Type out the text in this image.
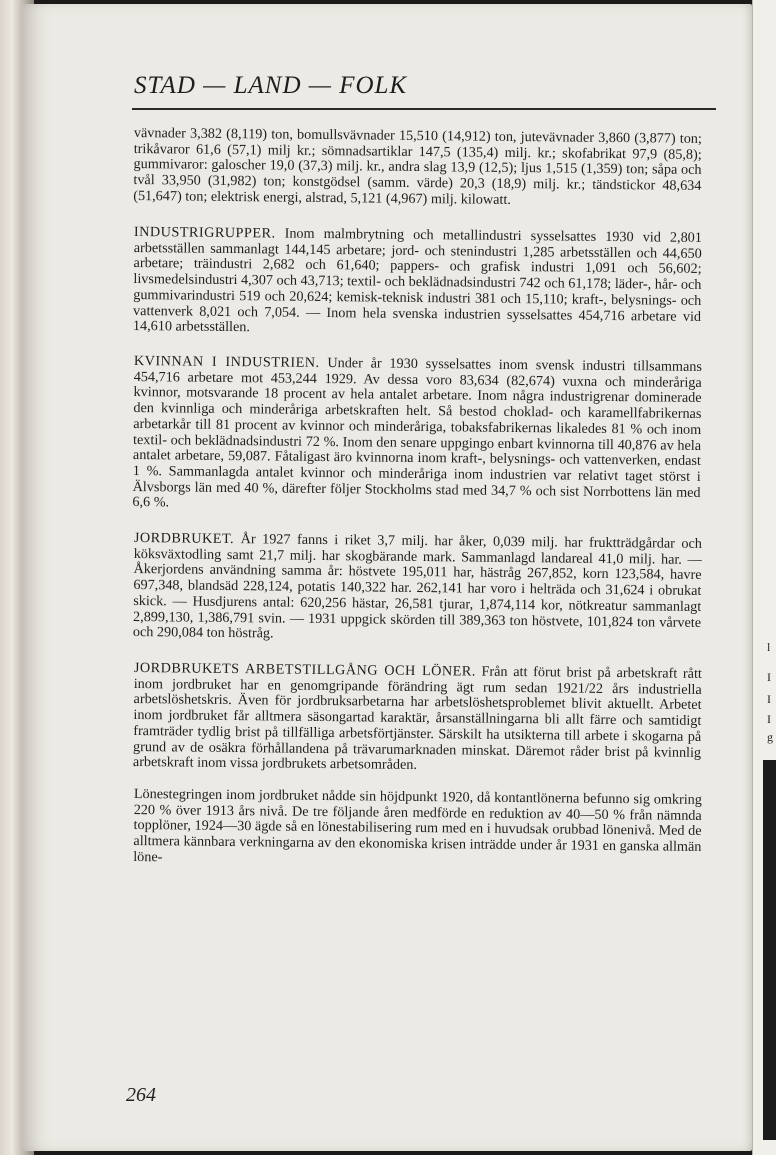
STAD — LAND — FOLK

vävnader 3,382 (8,119) ton, bomullsvävnader 15,510 (14,912) ton, jutevävnader 3,860 (3,877) ton; trikåvaror 61,6 (57,1) milj kr.; sömnadsartiklar 147,5 (135,4) milj. kr.; skofabrikat 97,9 (85,8); gummivaror: galoscher 19,0 (37,3) milj. kr., andra slag 13,9 (12,5); ljus 1,515 (1,359) ton; såpa och tvål 33,950 (31,982) ton; konstgödsel (samm. värde) 20,3 (18,9) milj. kr.; tändstickor 48,634 (51,647) ton; elektrisk energi, alstrad, 5,121 (4,967) milj. kilowatt.

INDUSTRIGRUPPER. Inom malmbrytning och metallindustri sysselsattes 1930 vid 2,801 arbetsställen sammanlagt 144,145 arbetare; jord- och stenindustri 1,285 arbetsställen och 44,650 arbetare; träindustri 2,682 och 61,640; pappers- och grafisk industri 1,091 och 56,602; livsmedelsindustri 4,307 och 43,713; textil- och beklädnadsindustri 742 och 61,178; läder-, hår- och gummivarindustri 519 och 20,624; kemisk-teknisk industri 381 och 15,110; kraft-, belysnings- och vattenverk 8,021 och 7,054. — Inom hela svenska industrien sysselsattes 454,716 arbetare vid 14,610 arbetsställen.

KVINNAN I INDUSTRIEN. Under år 1930 sysselsattes inom svensk industri tillsammans 454,716 arbetare mot 453,244 1929. Av dessa voro 83,634 (82,674) vuxna och minderåriga kvinnor, motsvarande 18 procent av hela antalet arbetare. Inom några industrigrenar dominerade den kvinnliga och minderåriga arbetskraften helt. Så bestod choklad- och karamellfabrikernas arbetarkår till 81 procent av kvinnor och minderåriga, tobaksfabrikernas likaledes 81 % och inom textil- och beklädnadsindustri 72 %. Inom den senare uppgingo enbart kvinnorna till 40,876 av hela antalet arbetare, 59,087. Fåtaligast äro kvinnorna inom kraft-, belysnings- och vattenverken, endast 1 %. Sammanlagda antalet kvinnor och minderåriga inom industrien var relativt taget störst i Älvsborgs län med 40 %, därefter följer Stockholms stad med 34,7 % och sist Norrbottens län med 6,6 %.

JORDBRUKET. År 1927 fanns i riket 3,7 milj. har åker, 0,039 milj. har fruktträdgårdar och köksväxtodling samt 21,7 milj. har skogbärande mark. Sammanlagd landareal 41,0 milj. har. — Åkerjordens användning samma år: höstvete 195,011 har, hästråg 267,852, korn 123,584, havre 697,348, blandsäd 228,124, potatis 140,322 har. 262,141 har voro i helträda och 31,624 i obrukat skick. — Husdjurens antal: 620,256 hästar, 26,581 tjurar, 1,874,114 kor, nötkreatur sammanlagt 2,899,130, 1,386,791 svin. — 1931 uppgick skörden till 389,363 ton höstvete, 101,824 ton vårvete och 290,084 ton höstråg.

JORDBRUKETS ARBETSTILLGÅNG OCH LÖNER. Från att förut brist på arbetskraft rått inom jordbruket har en genomgripande förändring ägt rum sedan 1921/22 års industriella arbetslöshetskris. Även för jordbruksarbetarna har arbetslöshetsproblemet blivit aktuellt. Arbetet inom jordbruket får alltmera säsongartad karaktär, årsanställningarna bli allt färre och samtidigt framträder tydlig brist på tillfälliga arbetsförtjänster. Särskilt ha utsikterna till arbete i skogarna på grund av de osäkra förhållandena på trävarumarknaden minskat. Däremot råder brist på kvinnlig arbetskraft inom vissa jordbrukets arbetsområden.

Lönestegringen inom jordbruket nådde sin höjdpunkt 1920, då kontantlönerna befunno sig omkring 220 % över 1913 års nivå. De tre följande åren medförde en reduktion av 40—50 % från nämnda topplöner, 1924—30 ägde så en lönestabilisering rum med en i huvudsak orubbad lönenivå. Med de alltmera kännbara verkningarna av den ekonomiska krisen inträdde under år 1931 en ganska allmän löne-

264
l
I
I
I
g
